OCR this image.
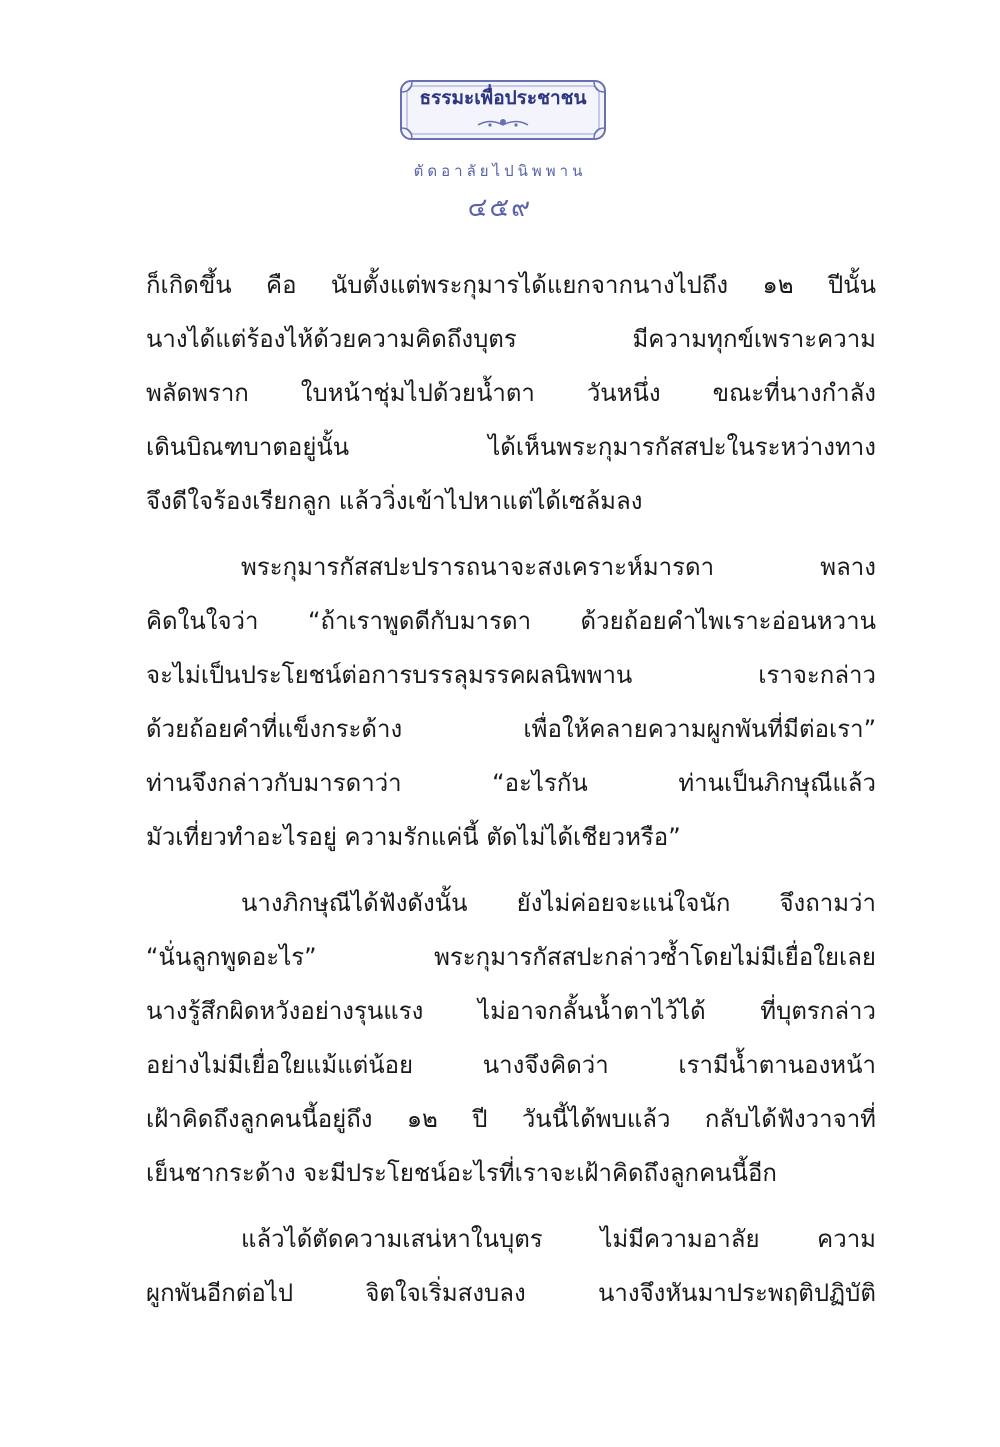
ธรรมะเพื่อประชาชน
ตัดอาลัยไปนิพพาน
๔๕๙
ก็เกิดขึ้น คือ นับตั้งแต่พระกุมารได้แยกจากนางไปถึง ๑๒ ปีนั้น
นางได้แต่ร้องไห้ด้วยความคิดถึงบุตร มีความทุกข์เพราะความ
พลัดพราก ใบหน้าชุ่มไปด้วยน้ำตา วันหนึ่ง ขณะที่นางกำลัง
เดินบิณฑบาตอยู่นั้น ได้เห็นพระกุมารกัสสปะในระหว่างทาง
จึงดีใจร้องเรียกลูก แล้ววิ่งเข้าไปหาแต่ได้เซล้มลง
พระกุมารกัสสปะปรารถนาจะสงเคราะห์มารดา พลาง
คิดในใจว่า “ถ้าเราพูดดีกับมารดา ด้วยถ้อยคำไพเราะอ่อนหวาน
จะไม่เป็นประโยชน์ต่อการบรรลุมรรคผลนิพพาน เราจะกล่าว
ด้วยถ้อยคำที่แข็งกระด้าง เพื่อให้คลายความผูกพันที่มีต่อเรา”
ท่านจึงกล่าวกับมารดาว่า “อะไรกัน ท่านเป็นภิกษุณีแล้ว
มัวเที่ยวทำอะไรอยู่ ความรักแค่นี้ ตัดไม่ได้เชียวหรือ”
นางภิกษุณีได้ฟังดังนั้น ยังไม่ค่อยจะแน่ใจนัก จึงถามว่า
“นั่นลูกพูดอะไร” พระกุมารกัสสปะกล่าวซ้ำโดยไม่มีเยื่อใยเลย
นางรู้สึกผิดหวังอย่างรุนแรง ไม่อาจกลั้นน้ำตาไว้ได้ ที่บุตรกล่าว
อย่างไม่มีเยื่อใยแม้แต่น้อย นางจึงคิดว่า เรามีน้ำตานองหน้า
เฝ้าคิดถึงลูกคนนี้อยู่ถึง ๑๒ ปี วันนี้ได้พบแล้ว กลับได้ฟังวาจาที่
เย็นชากระด้าง จะมีประโยชน์อะไรที่เราจะเฝ้าคิดถึงลูกคนนี้อีก
แล้วได้ตัดความเสน่หาในบุตร ไม่มีความอาลัย ความ
ผูกพันอีกต่อไป จิตใจเริ่มสงบลง นางจึงหันมาประพฤติปฏิบัติ
